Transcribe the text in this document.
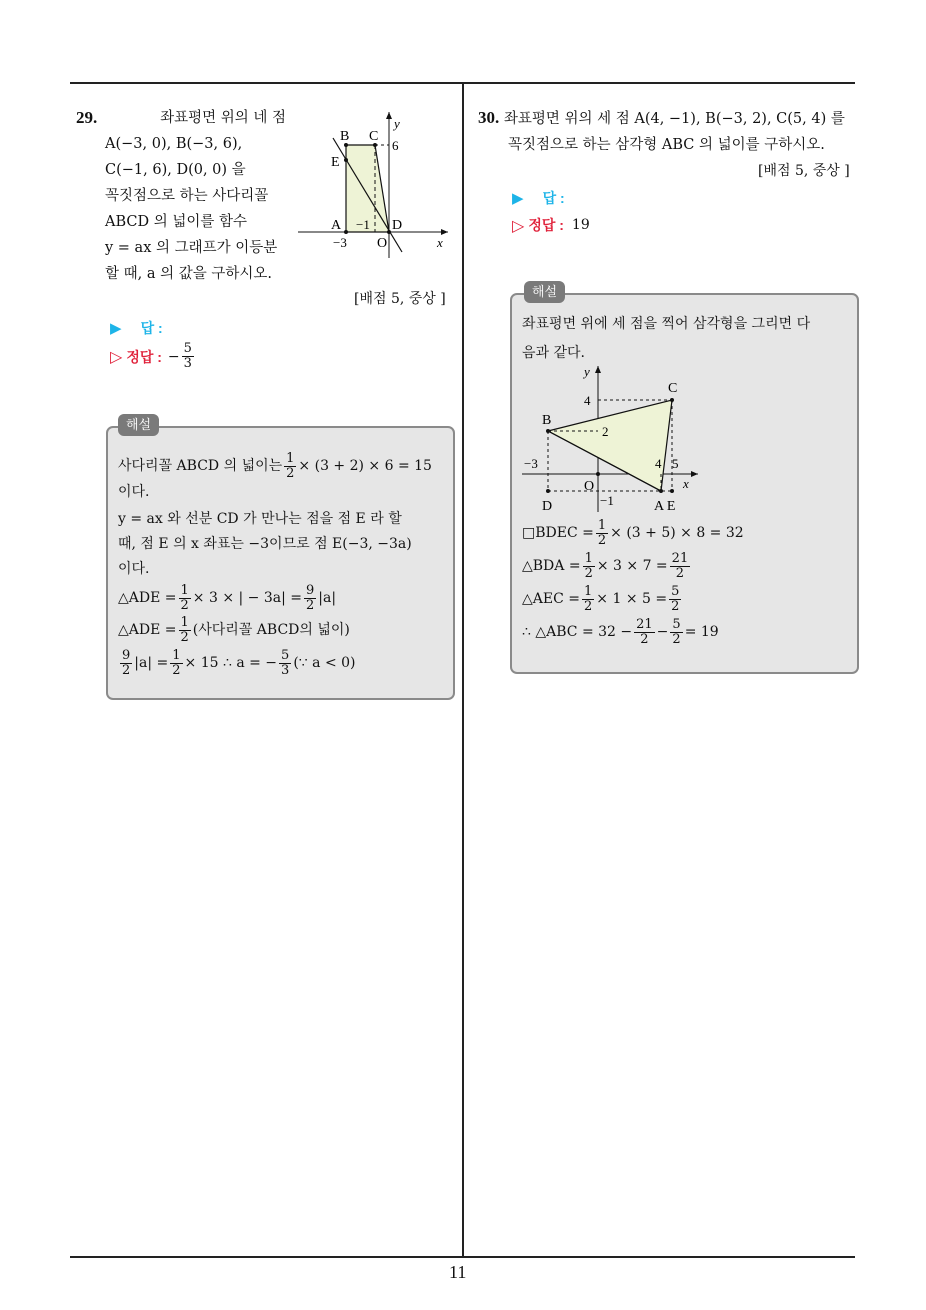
11
29.	좌표평면 위의 네 점
A(−3, 0), B(−3, 6),
C(−1, 6), D(0, 0) 을
꼭짓점으로 하는 사다리꼴
ABCD 의 넓이를 함수
y = ax 의 그래프가 이등분
할 때, a 의 값을 구하시오.
B C
E
A	D
O
y
x
6
−3
−1
[배점 5, 중상 ]
▶ 답 :
▷ 정답 : − $\frac{5}{3}$
해설
사다리꼴 ABCD 의 넓이는 $\frac{1}{2} \times (3 + 2) \times 6 = 15$
이다.
y = ax 와 선분 CD 가 만나는 점을 점 E 라 할
때, 점 E 의 x 좌표는 −3이므로 점 E(−3, −3a)
이다.
△ADE = $\frac{1}{2} \times 3$ × | − $3a| = \frac{9}{2} |a|$
△ADE = $\frac{1}{2}$ (사다리꼴 ABCD의 넓이)
$\frac{9}{2} |a| = \frac{1}{2} \times 15$ ∴ a = − $\frac{5}{3}$ (∵ a < 0)
30. 좌표평면 위의 세 점 A(4, −1), B(−3, 2), C(5, 4) 를
꼭짓점으로 하는 삼각형 ABC 의 넓이를 구하시오.
[배점 5, 중상 ]
▶ 답 :
▷ 정답 : 19
해설
좌표평면 위에 세 점을 찍어 삼각형을 그리면 다
음과 같다.
y
x
C
B
4
2
−3
O
4 5
D	−1	A E
□BDEC = $\frac{1}{2} \times (3 + 5) \times 8 = 32$
△BDA = $\frac{1}{2} \times 3 \times 7 = \frac{21}{2}$
△AEC = $\frac{1}{2} \times 1 \times 5 = \frac{5}{2}$
∴ △ABC = $32 - \frac{21}{2} - \frac{5}{2} = 19$
